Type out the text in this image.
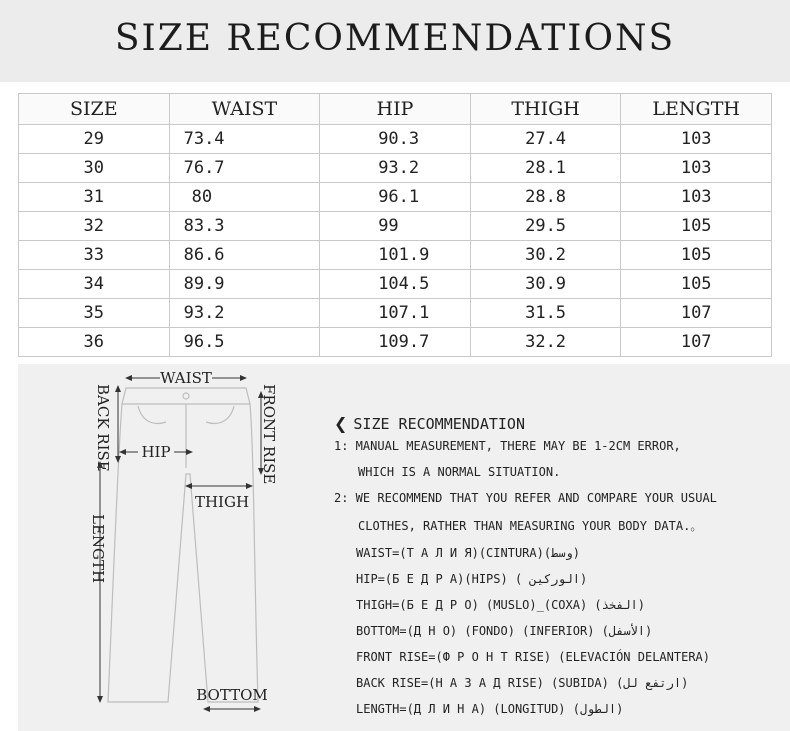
SIZE RECOMMENDATIONS
SIZE	WAIST	HIP	THIGH	LENGTH
29	73.4	90.3	27.4	103
30	76.7	93.2	28.1	103
31	80	96.1	28.8	103
32	83.3	99	29.5	105
33	86.6	101.9	30.2	105
34	89.9	104.5	30.9	105
35	93.2	107.1	31.5	107
36	96.5	109.7	32.2	107
WAIST
BACK RISE	FRONT RISE
HIP
THIGH
LENGTH
BOTTOM
❮ SIZE RECOMMENDATION
1: MANUAL MEASUREMENT, THERE MAY BE 1-2CM ERROR,
WHICH IS A NORMAL SITUATION.
2: WE RECOMMEND THAT YOU REFER AND COMPARE YOUR USUAL
CLOTHES, RATHER THAN MEASURING YOUR BODY DATA.。
WAIST=(Т А Л И Я)(CINTURA)(وسط)
HIP=(Б Е Д Р А)(HIPS) ( الوركين)
THIGH=(Б Е Д Р О) (MUSLO)_(COXA) (الفخذ)
BOTTOM=(Д Н О) (FONDO) (INFERIOR) (الأسفل)
FRONT RISE=(Ф Р О Н Т RISE) (ELEVACIÓN DELANTERA)
BACK RISE=(Н А З А Д RISE) (SUBIDA) (ارتفع لل)
LENGTH=(Д Л И Н А) (LONGITUD) (الطول)
